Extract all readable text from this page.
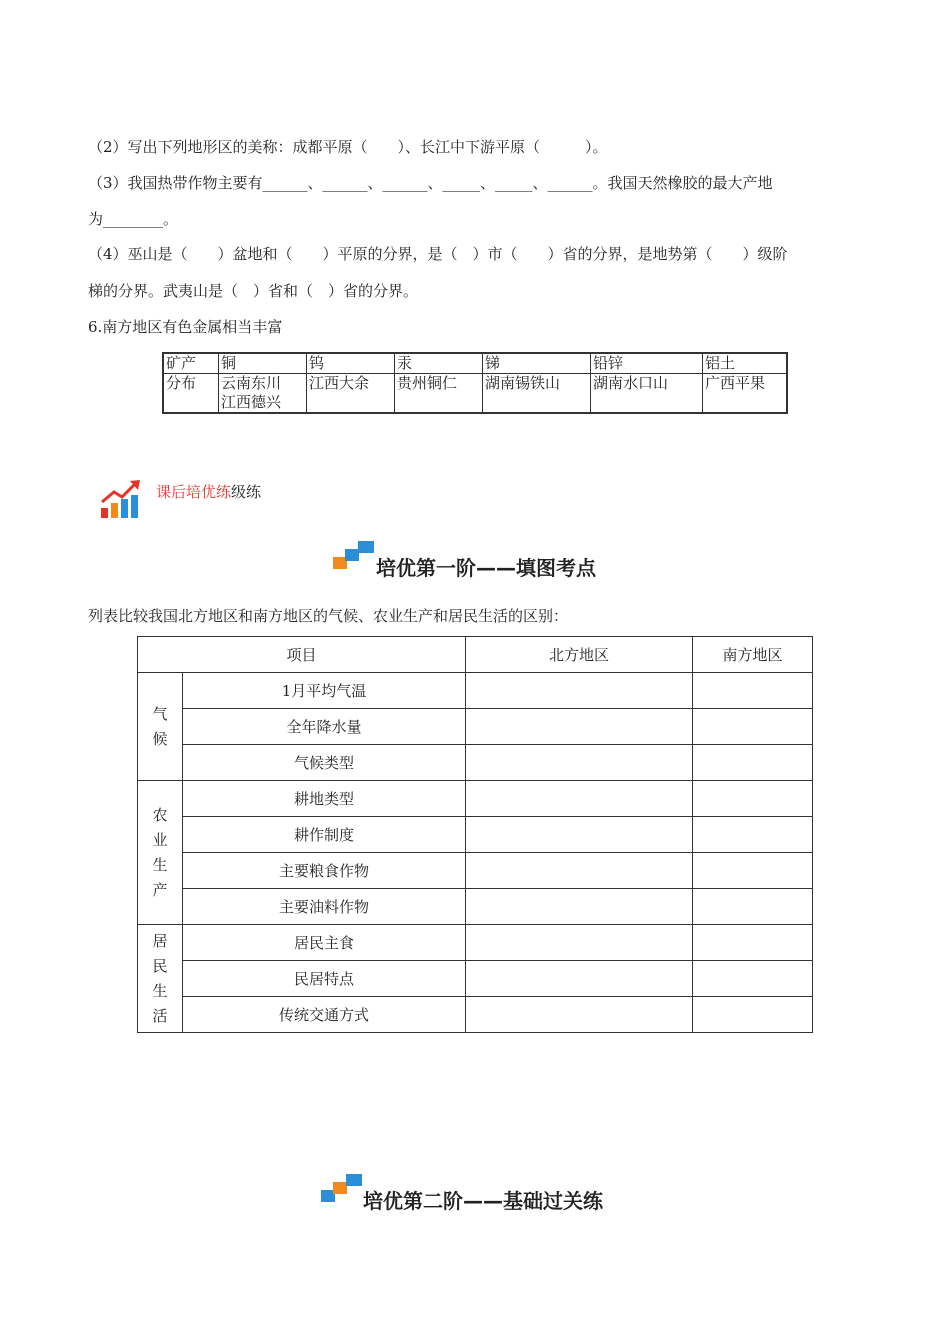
（2）写出下列地形区的美称：成都平原（　　）、长江中下游平原（　　　）。
（3）我国热带作物主要有______、______、______、_____、_____、______。我国天然橡胶的最大产地
为________。
（4）巫山是（　　）盆地和（　　）平原的分界，是（　）市（　　）省的分界，是地势第（　　）级阶
梯的分界。武夷山是（　）省和（　）省的分界。
6.南方地区有色金属相当丰富
矿产	铜	钨	汞	锑	铅锌	铝土
分布	云南东川
江西德兴	江西大余	贵州铜仁	湖南锡铁山	湖南水口山	广西平果
课后培优练级练
培优第一阶——填图考点
列表比较我国北方地区和南方地区的气候、农业生产和居民生活的区别：
项目		北方地区	南方地区

气候	1月平均气温		
	全年降水量		
	气候类型		

农业生产	耕地类型		
	耕作制度		
	主要粮食作物		
	主要油料作物		

居民生活	居民主食		
	民居特点		
	传统交通方式		
培优第二阶——基础过关练
